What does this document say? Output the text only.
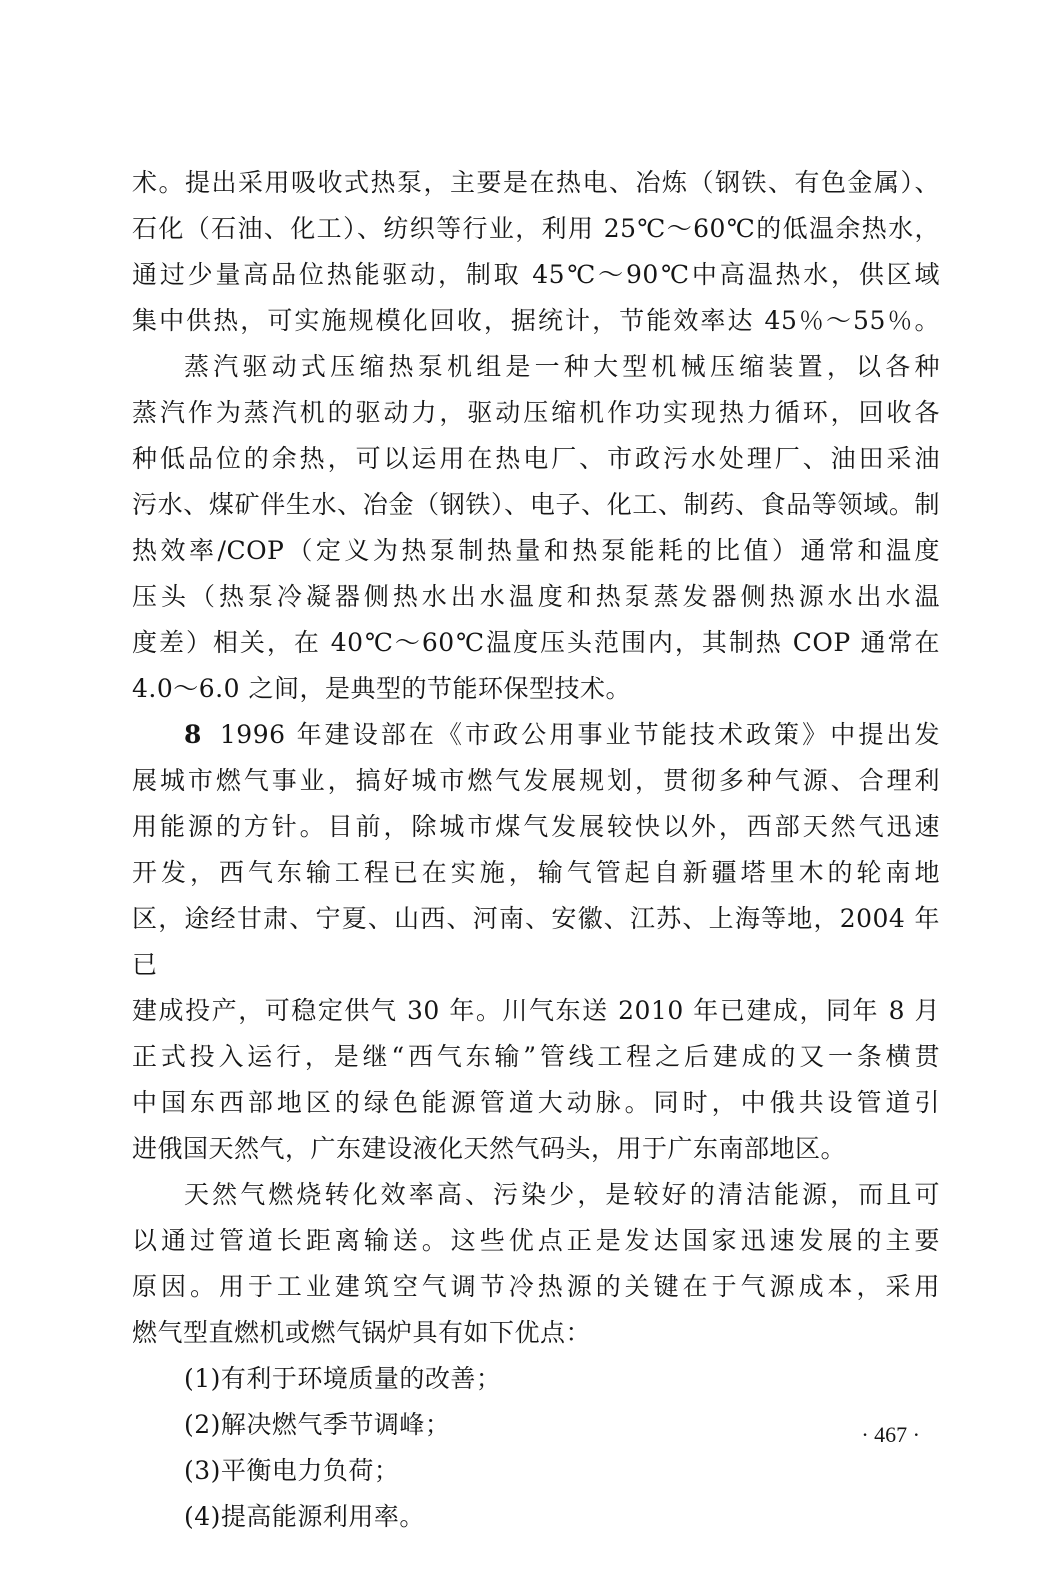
术。提出采用吸收式热泵，主要是在热电、冶炼（钢铁、有色金属）、

石化（石油、化工）、纺织等行业，利用 25℃～60℃的低温余热水，

通过少量高品位热能驱动，制取 45℃～90℃中高温热水，供区域

集中供热，可实施规模化回收，据统计，节能效率达 45％～55％。

蒸汽驱动式压缩热泵机组是一种大型机械压缩装置，以各种

蒸汽作为蒸汽机的驱动力，驱动压缩机作功实现热力循环，回收各

种低品位的余热，可以运用在热电厂、市政污水处理厂、油田采油

污水、煤矿伴生水、冶金（钢铁）、电子、化工、制药、食品等领域。制

热效率/COP（定义为热泵制热量和热泵能耗的比值）通常和温度

压头（热泵冷凝器侧热水出水温度和热泵蒸发器侧热源水出水温

度差）相关，在 40℃～60℃温度压头范围内，其制热 COP 通常在

4.0～6.0 之间，是典型的节能环保型技术。

8 1996 年建设部在《市政公用事业节能技术政策》中提出发

展城市燃气事业，搞好城市燃气发展规划，贯彻多种气源、合理利

用能源的方针。目前，除城市煤气发展较快以外，西部天然气迅速

开发，西气东输工程已在实施，输气管起自新疆塔里木的轮南地

区，途经甘肃、宁夏、山西、河南、安徽、江苏、上海等地，2004 年已

建成投产，可稳定供气 30 年。川气东送 2010 年已建成，同年 8 月

正式投入运行，是继“西气东输”管线工程之后建成的又一条横贯

中国东西部地区的绿色能源管道大动脉。同时，中俄共设管道引

进俄国天然气，广东建设液化天然气码头，用于广东南部地区。

天然气燃烧转化效率高、污染少，是较好的清洁能源，而且可

以通过管道长距离输送。这些优点正是发达国家迅速发展的主要

原因。用于工业建筑空气调节冷热源的关键在于气源成本，采用

燃气型直燃机或燃气锅炉具有如下优点：

(1)有利于环境质量的改善；

(2)解决燃气季节调峰；

(3)平衡电力负荷；

(4)提高能源利用率。

· 467 ·
